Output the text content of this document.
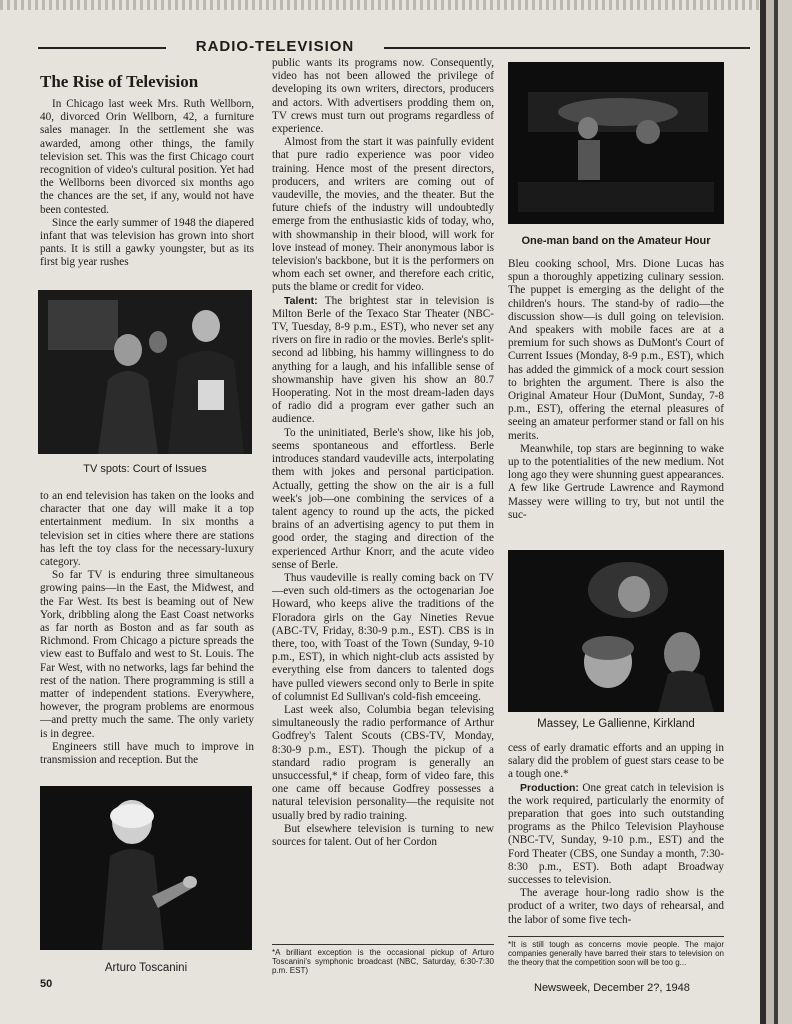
RADIO-TELEVISION
The Rise of Television

In Chicago last week Mrs. Ruth Wellborn, 40, divorced Orin Wellborn, 42, a furniture sales manager. In the settlement she was awarded, among other things, the family television set. This was the first Chicago court recognition of video's cultural position. Yet had the Wellborns been divorced six months ago the chances are the set, if any, would not have been contested.

Since the early summer of 1948 the diapered infant that was television has grown into short pants. It is still a gawky youngster, but as its first big year rushes

TV spots: Court of Issues

to an end television has taken on the looks and character that one day will make it a top entertainment medium. In six months a television set in cities where there are stations has left the toy class for the necessary-luxury category.

So far TV is enduring three simultaneous growing pains—in the East, the Midwest, and the Far West. Its best is beaming out of New York, dribbling along the East Coast networks as far north as Boston and as far south as Richmond. From Chicago a picture spreads the view east to Buffalo and west to St. Louis. The Far West, with no networks, lags far behind the rest of the nation. There programming is still a matter of independent stations. Everywhere, however, the program problems are enormous—and pretty much the same. The only variety is in degree.

Engineers still have much to improve in transmission and reception. But the

Arturo Toscanini
50

public wants its programs now. Consequently, video has not been allowed the privilege of developing its own writers, directors, producers and actors. With advertisers prodding them on, TV crews must turn out programs regardless of experience.

Almost from the start it was painfully evident that pure radio experience was poor video training. Hence most of the present directors, producers, and writers are coming out of vaudeville, the movies, and the theater. But the future chiefs of the industry will undoubtedly emerge from the enthusiastic kids of today, who, with showmanship in their blood, will work for love instead of money. Their anonymous labor is television's backbone, but it is the performers on whom each set owner, and therefore each critic, puts the blame or credit for video.

Talent: The brightest star in television is Milton Berle of the Texaco Star Theater (NBC-TV, Tuesday, 8-9 p.m., EST), who never set any rivers on fire in radio or the movies. Berle's split-second ad libbing, his hammy willingness to do anything for a laugh, and his infallible sense of showmanship have given his show an 80.7 Hooperating. Not in the most dream-laden days of radio did a program ever gather such an audience.

To the uninitiated, Berle's show, like his job, seems spontaneous and effortless. Berle introduces standard vaudeville acts, interpolating them with jokes and personal participation. Actually, getting the show on the air is a full week's job—one combining the services of a talent agency to round up the acts, the picked brains of an advertising agency to put them in good order, the staging and direction of the experienced Arthur Knorr, and the acute video sense of Berle.

Thus vaudeville is really coming back on TV—even such old-timers as the octogenarian Joe Howard, who keeps alive the traditions of the Floradora girls on the Gay Nineties Revue (ABC-TV, Friday, 8:30-9 p.m., EST). CBS is in there, too, with Toast of the Town (Sunday, 9-10 p.m., EST), in which night-club acts assisted by everything else from dancers to talented dogs have pulled viewers second only to Berle in spite of columnist Ed Sullivan's cold-fish emceeing.

Last week also, Columbia began televising simultaneously the radio performance of Arthur Godfrey's Talent Scouts (CBS-TV, Monday, 8:30-9 p.m., EST). Though the pickup of a standard radio program is generally an unsuccessful,* if cheap, form of video fare, this one came off because Godfrey possesses a natural television personality—the requisite not usually bred by radio training.

But elsewhere television is turning to new sources for talent. Out of her Cordon

*A brilliant exception is the occasional pickup of Arturo Toscanini's symphonic broadcast (NBC, Saturday, 6:30-7:30 p.m. EST)
One-man band on the Amateur Hour

Bleu cooking school, Mrs. Dione Lucas has spun a thoroughly appetizing culinary session. The puppet is emerging as the delight of the children's hours. The stand-by of radio—the discussion show—is dull going on television. And speakers with mobile faces are at a premium for such shows as DuMont's Court of Current Issues (Monday, 8-9 p.m., EST), which has added the gimmick of a mock court session to brighten the argument. There is also the Original Amateur Hour (DuMont, Sunday, 7-8 p.m., EST), offering the eternal pleasures of seeing an amateur performer stand or fall on his merits.

Meanwhile, top stars are beginning to wake up to the potentialities of the new medium. Not long ago they were shunning guest appearances. A few like Gertrude Lawrence and Raymond Massey were willing to try, but not until the suc-

Massey, Le Gallienne, Kirkland

cess of early dramatic efforts and an upping in salary did the problem of guest stars cease to be a tough one.*

Production: One great catch in television is the work required, particularly the enormity of preparation that goes into such outstanding programs as the Philco Television Playhouse (NBC-TV, Sunday, 9-10 p.m., EST) and the Ford Theater (CBS, one Sunday a month, 7:30-8:30 p.m., EST). Both adapt Broadway successes to television.

The average hour-long radio show is the product of a writer, two days of rehearsal, and the labor of some five tech-

*It is still tough as concerns movie people. The major companies generally have barred their stars to television on the theory that the competition soon will be too g...
Newsweek, December 2?, 1948
